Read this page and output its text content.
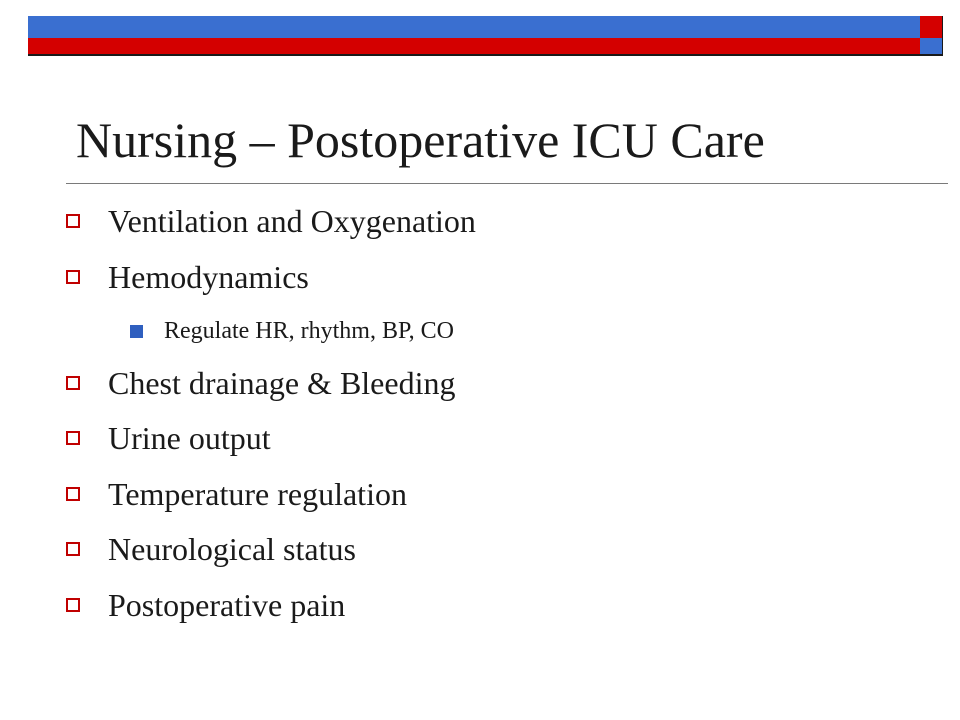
Nursing – Postoperative ICU Care
Ventilation and Oxygenation
Hemodynamics
Regulate HR, rhythm, BP, CO
Chest drainage & Bleeding
Urine output
Temperature regulation
Neurological status
Postoperative pain
